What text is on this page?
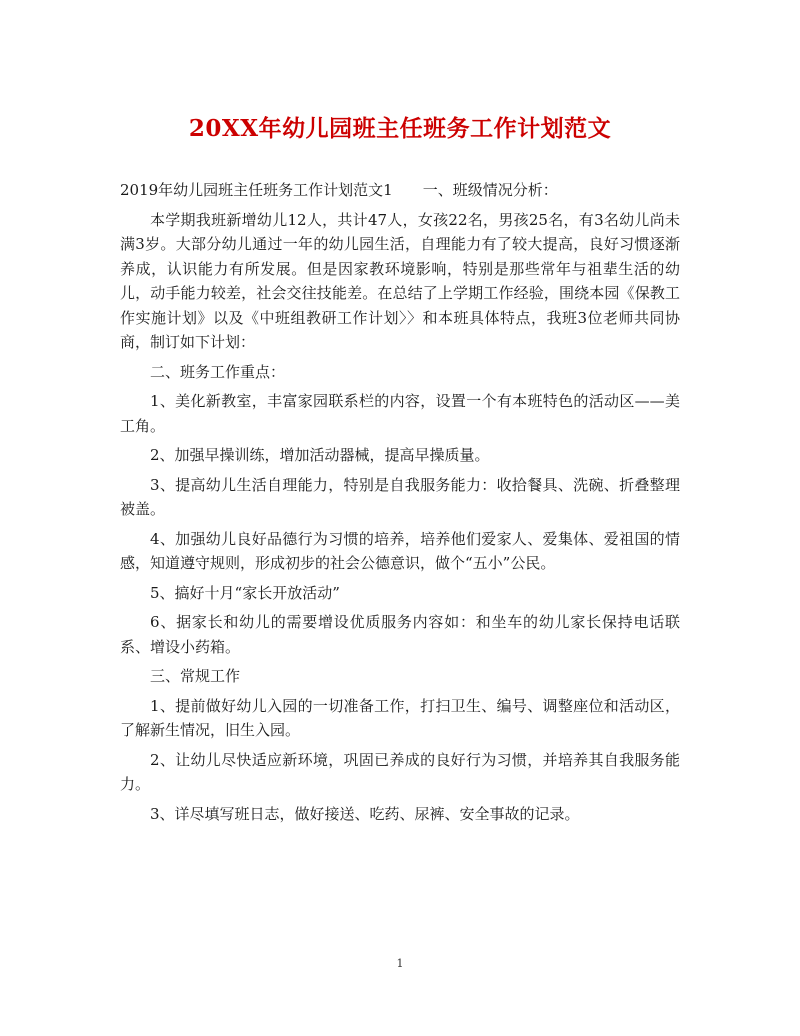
20XX年幼儿园班主任班务工作计划范文

2019年幼儿园班主任班务工作计划范文1　　一、班级情况分析：

本学期我班新增幼儿12人，共计47人，女孩22名，男孩25名，有3名幼儿尚未满3岁。大部分幼儿通过一年的幼儿园生活，自理能力有了较大提高，良好习惯逐渐养成，认识能力有所发展。但是因家教环境影响，特别是那些常年与祖辈生活的幼儿，动手能力较差，社会交往技能差。在总结了上学期工作经验，围绕本园《保教工作实施计划》以及《中班组教研工作计划〉〉和本班具体特点，我班3位老师共同协商，制订如下计划：

二、班务工作重点：

1、美化新教室，丰富家园联系栏的内容，设置一个有本班特色的活动区——美工角。

2、加强早操训练，增加活动器械，提高早操质量。

3、提高幼儿生活自理能力，特别是自我服务能力：收拾餐具、洗碗、折叠整理被盖。

4、加强幼儿良好品德行为习惯的培养，培养他们爱家人、爱集体、爱祖国的情感，知道遵守规则，形成初步的社会公德意识，做个“五小”公民。

5、搞好十月“家长开放活动”

6、据家长和幼儿的需要增设优质服务内容如：和坐车的幼儿家长保持电话联系、增设小药箱。

三、常规工作

1、提前做好幼儿入园的一切准备工作，打扫卫生、编号、调整座位和活动区，了解新生情况，旧生入园。

2、让幼儿尽快适应新环境，巩固已养成的良好行为习惯，并培养其自我服务能力。

3、详尽填写班日志，做好接送、吃药、尿裤、安全事故的记录。

1
